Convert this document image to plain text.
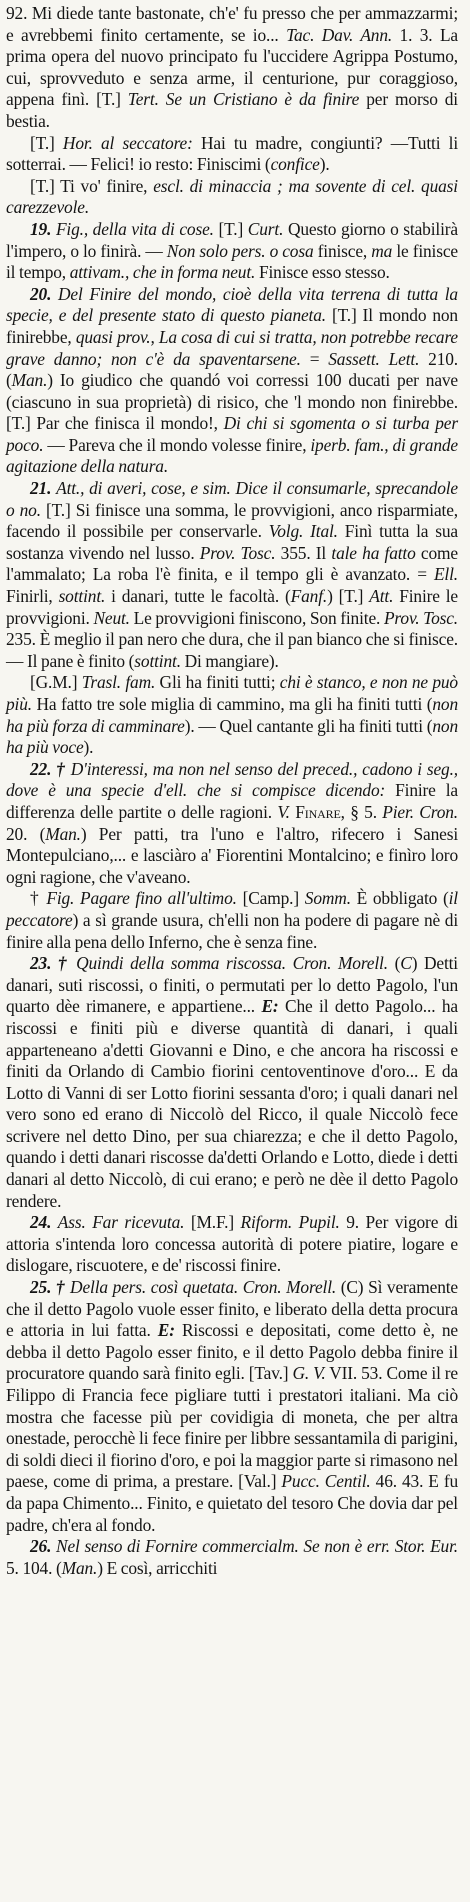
92. Mi diede tante bastonate, ch'e' fu presso che per ammazzarmi; e avrebbemi finito certamente, se io... Tac. Dav. Ann. 1. 3. La prima opera del nuovo principato fu l'uccidere Agrippa Postumo, cui, sprovveduto e senza arme, il centurione, pur coraggioso, appena finì. [T.] Tert. Se un Cristiano è da finire per morso di bestia.

[T.] Hor. al seccatore: Hai tu madre, congiunti? —Tutti li sotterrai. — Felici! io resto: Finiscimi (confice).

[T.] Ti vo' finire, escl. di minaccia ; ma sovente di cel. quasi carezzevole.

19. Fig., della vita di cose. [T.] Curt. Questo giorno o stabilirà l'impero, o lo finirà. — Non solo pers. o cosa finisce, ma le finisce il tempo, attivam., che in forma neut. Finisce esso stesso.

20. Del Finire del mondo, cioè della vita terrena di tutta la specie, e del presente stato di questo pianeta. [T.] Il mondo non finirebbe, quasi prov., La cosa di cui si tratta, non potrebbe recare grave danno; non c'è da spaventarsene. = Sassett. Lett. 210. (Man.) Io giudico che quandó voi corressi 100 ducati per nave (ciascuno in sua proprietà) di risico, che 'l mondo non finirebbe. [T.] Par che finisca il mondo!, Di chi si sgomenta o si turba per poco. — Pareva che il mondo volesse finire, iperb. fam., di grande agitazione della natura.

21. Att., di averi, cose, e sim. Dice il consumarle, sprecandole o no. [T.] Si finisce una somma, le provvigioni, anco risparmiate, facendo il possibile per conservarle. Volg. Ital. Finì tutta la sua sostanza vivendo nel lusso. Prov. Tosc. 355. Il tale ha fatto come l'ammalato; La roba l'è finita, e il tempo gli è avanzato. = Ell. Finirli, sottint. i danari, tutte le facoltà. (Fanf.) [T.] Att. Finire le provvigioni. Neut. Le provvigioni finiscono, Son finite. Prov. Tosc. 235. È meglio il pan nero che dura, che il pan bianco che si finisce. — Il pane è finito (sottint. Di mangiare).

[G.M.] Trasl. fam. Gli ha finiti tutti; chi è stanco, e non ne può più. Ha fatto tre sole miglia di cammino, ma gli ha finiti tutti (non ha più forza di camminare). — Quel cantante gli ha finiti tutti (non ha più voce).

22. † D'interessi, ma non nel senso del preced., cadono i seg., dove è una specie d'ell. che si compisce dicendo: Finire la differenza delle partite o delle ragioni. V. Finare, § 5. Pier. Cron. 20. (Man.) Per patti, tra l'uno e l'altro, rifecero i Sanesi Montepulciano,... e lasciàro a' Fiorentini Montalcino; e finìro loro ogni ragione, che v'aveano.

† Fig. Pagare fino all'ultimo. [Camp.] Somm. È obbligato (il peccatore) a sì grande usura, ch'elli non ha podere di pagare nè di finire alla pena dello Inferno, che è senza fine.

23. † Quindi della somma riscossa. Cron. Morell. (C) Detti danari, suti riscossi, o finiti, o permutati per lo detto Pagolo, l'un quarto dèe rimanere, e appartiene... E: Che il detto Pagolo... ha riscossi e finiti più e diverse quantità di danari, i quali apparteneano a'detti Giovanni e Dino, e che ancora ha riscossi e finiti da Orlando di Cambio fiorini centoventinove d'oro... E da Lotto di Vanni di ser Lotto fiorini sessanta d'oro; i quali danari nel vero sono ed erano di Niccolò del Ricco, il quale Niccolò fece scrivere nel detto Dino, per sua chiarezza; e che il detto Pagolo, quando i detti danari riscosse da'detti Orlando e Lotto, diede i detti danari al detto Niccolò, di cui erano; e però ne dèe il detto Pagolo rendere.

24. Ass. Far ricevuta. [M.F.] Riform. Pupil. 9. Per vigore di attoria s'intenda loro concessa autorità di potere piatire, logare e dislogare, riscuotere, e de' riscossi finire.

25. † Della pers. così quetata. Cron. Morell. (C) Sì veramente che il detto Pagolo vuole esser finito, e liberato della detta procura e attoria in lui fatta. E: Riscossi e depositati, come detto è, ne debba il detto Pagolo esser finito, e il detto Pagolo debba finire il procuratore quando sarà finito egli. [Tav.] G. V. VII. 53. Come il re Filippo di Francia fece pigliare tutti i prestatori italiani. Ma ciò mostra che facesse più per covidigia di moneta, che per altra onestade, perocchè li fece finire per libbre sessantamila di parigini, di soldi dieci il fiorino d'oro, e poi la maggior parte si rimasono nel paese, come di prima, a prestare. [Val.] Pucc. Centil. 46. 43. E fu da papa Chimento... Finito, e quietato del tesoro Che dovia dar pel padre, ch'era al fondo.

26. Nel senso di Fornire commercialm. Se non è err. Stor. Eur. 5. 104. (Man.) E così, arricchiti
